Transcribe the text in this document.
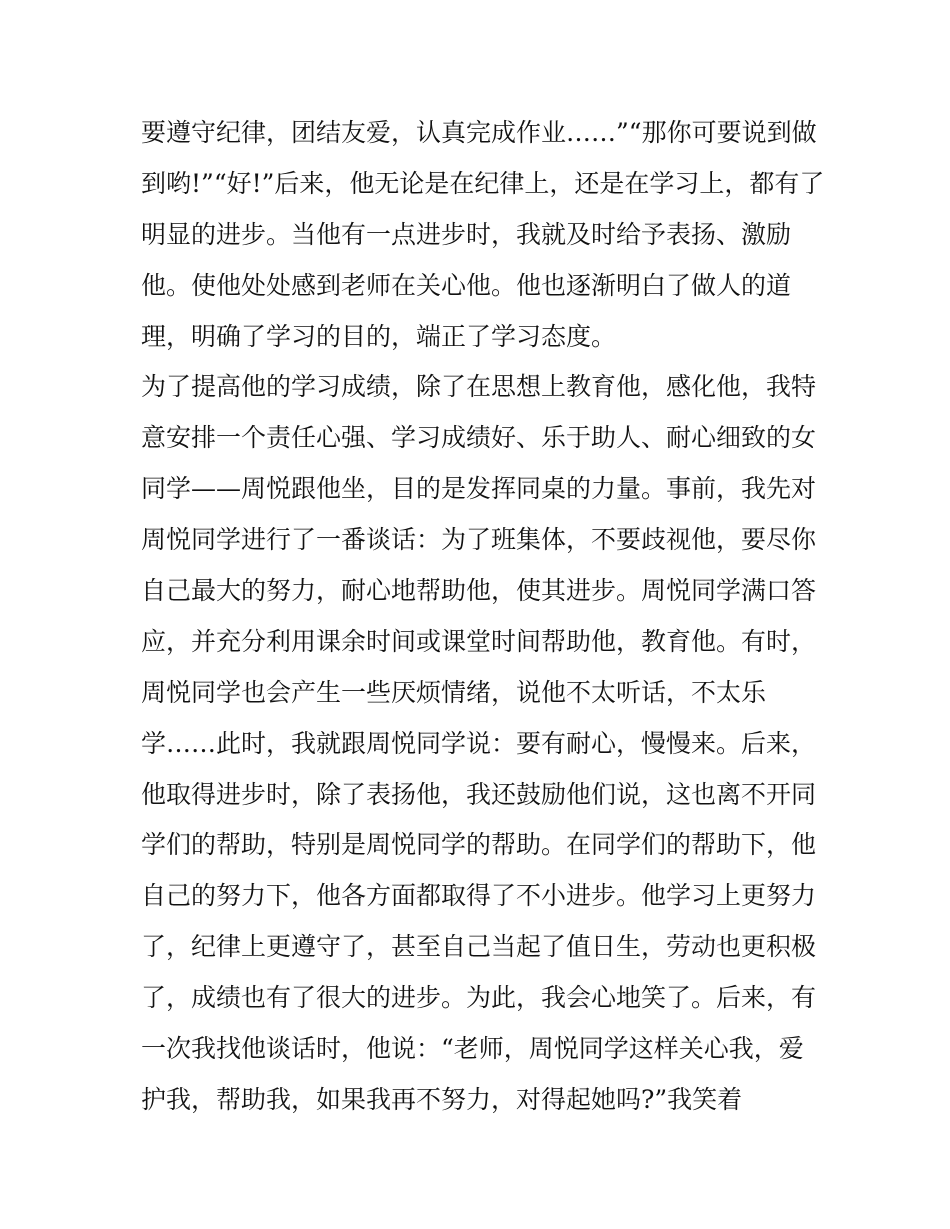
要遵守纪律，团结友爱，认真完成作业……”“那你可要说到做
到哟!”“好!”后来，他无论是在纪律上，还是在学习上，都有了
明显的进步。当他有一点进步时，我就及时给予表扬、激励
他。使他处处感到老师在关心他。他也逐渐明白了做人的道
理，明确了学习的目的，端正了学习态度。
为了提高他的学习成绩，除了在思想上教育他，感化他，我特
意安排一个责任心强、学习成绩好、乐于助人、耐心细致的女
同学——周悦跟他坐，目的是发挥同桌的力量。事前，我先对
周悦同学进行了一番谈话：为了班集体，不要歧视他，要尽你
自己最大的努力，耐心地帮助他，使其进步。周悦同学满口答
应，并充分利用课余时间或课堂时间帮助他，教育他。有时，
周悦同学也会产生一些厌烦情绪，说他不太听话，不太乐
学……此时，我就跟周悦同学说：要有耐心，慢慢来。后来，
他取得进步时，除了表扬他，我还鼓励他们说，这也离不开同
学们的帮助，特别是周悦同学的帮助。在同学们的帮助下，他
自己的努力下，他各方面都取得了不小进步。他学习上更努力
了，纪律上更遵守了，甚至自己当起了值日生，劳动也更积极
了，成绩也有了很大的进步。为此，我会心地笑了。后来，有
一次我找他谈话时，他说：“老师，周悦同学这样关心我，爱
护我，帮助我，如果我再不努力，对得起她吗?”我笑着
